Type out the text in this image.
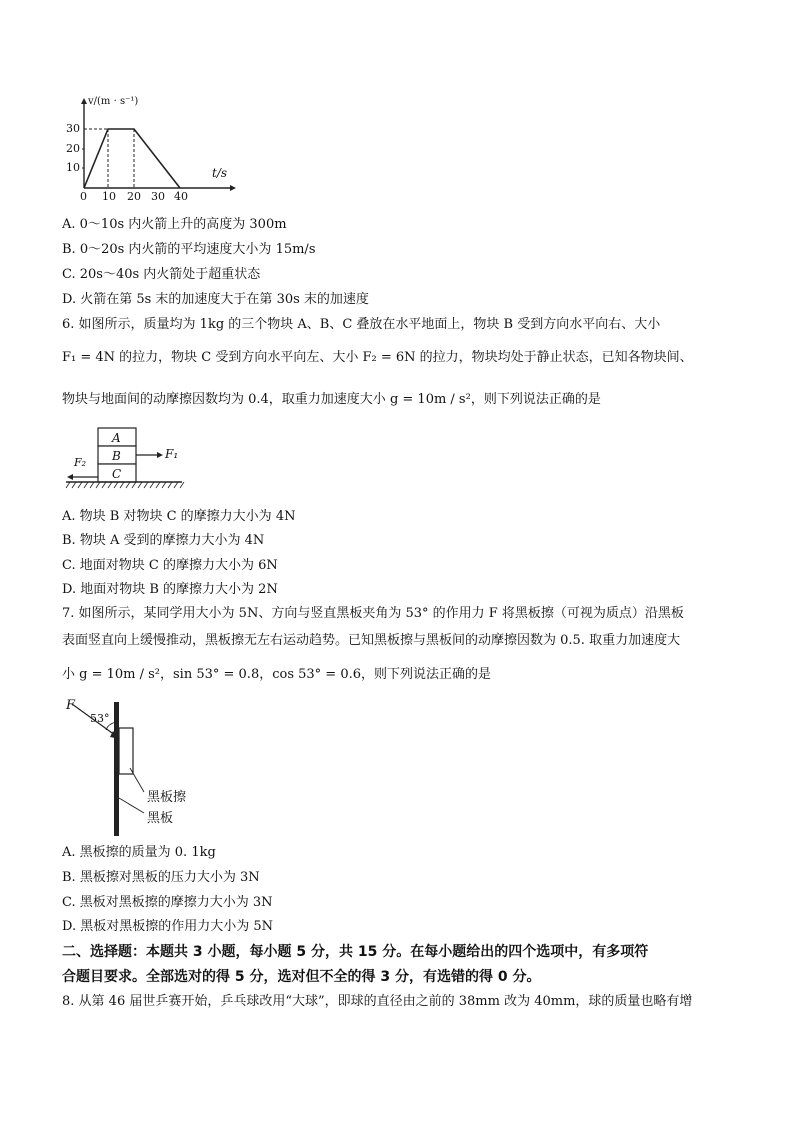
v/(m · s⁻¹)
t/s
30
20
10
0 10 20 30 40
A. 0～10s 内火箭上升的高度为 300m
B. 0～20s 内火箭的平均速度大小为 15m/s
C. 20s～40s 内火箭处于超重状态
D. 火箭在第 5s 末的加速度大于在第 30s 末的加速度
6. 如图所示，质量均为 1kg 的三个物块 A、B、C 叠放在水平地面上，物块 B 受到方向水平向右、大小
F₁ = 4N 的拉力，物块 C 受到方向水平向左、大小 F₂ = 6N 的拉力，物块均处于静止状态，已知各物块间、
物块与地面间的动摩擦因数均为 0.4，取重力加速度大小 g = 10m / s²，则下列说法正确的是
A
B
C
F₁
F₂
A. 物块 B 对物块 C 的摩擦力大小为 4N
B. 物块 A 受到的摩擦力大小为 4N
C. 地面对物块 C 的摩擦力大小为 6N
D. 地面对物块 B 的摩擦力大小为 2N
7. 如图所示，某同学用大小为 5N、方向与竖直黑板夹角为 53° 的作用力 F 将黑板擦（可视为质点）沿黑板
表面竖直向上缓慢推动，黑板擦无左右运动趋势。已知黑板擦与黑板间的动摩擦因数为 0.5. 取重力加速度大
小 g = 10m / s²，sin 53° = 0.8，cos 53° = 0.6，则下列说法正确的是
F
53°
黑板擦
黑板
A. 黑板擦的质量为 0. 1kg
B. 黑板擦对黑板的压力大小为 3N
C. 黑板对黑板擦的摩擦力大小为 3N
D. 黑板对黑板擦的作用力大小为 5N
二、选择题：本题共 3 小题，每小题 5 分，共 15 分。在每小题给出的四个选项中，有多项符
合题目要求。全部选对的得 5 分，选对但不全的得 3 分，有选错的得 0 分。
8. 从第 46 届世乒赛开始，乒乓球改用“大球”，即球的直径由之前的 38mm 改为 40mm，球的质量也略有增
